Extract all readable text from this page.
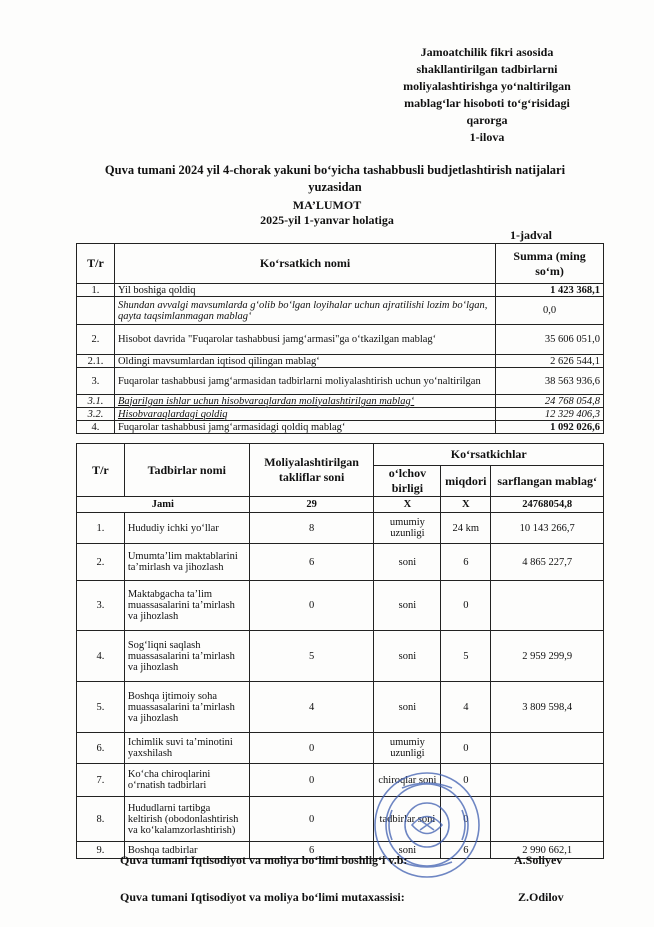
Jamoatchilik fikri asosida
shakllantirilgan tadbirlarni
moliyalashtirishga yo‘naltirilgan
mablag‘lar hisoboti to‘g‘risidagi
qarorga
1-ilova
Quva tumani 2024 yil 4-chorak yakuni bo‘yicha tashabbusli budjetlashtirish natijalari
yuzasidan
MA’LUMOT
2025-yil 1-yanvar holatiga
1-jadval
T/r	Ko‘rsatkich nomi	Summa (ming so‘m)
1.	Yil boshiga qoldiq	1 423 368,1
	Shundan avvalgi mavsumlarda g‘olib bo‘lgan loyihalar uchun ajratilishi lozim bo‘lgan, qayta taqsimlanmagan mablag‘	0,0
2.	Hisobot davrida "Fuqarolar tashabbusi jamg‘armasi"ga o‘tkazilgan mablag‘	35 606 051,0
2.1.	Oldingi mavsumlardan iqtisod qilingan mablag‘	2 626 544,1
3.	Fuqarolar tashabbusi jamg‘armasidan tadbirlarni moliyalashtirish uchun yo‘naltirilgan	38 563 936,6
3.1.	Bajarilgan ishlar uchun hisobvaraqlardan moliyalashtirilgan mablag‘	24 768 054,8
3.2.	Hisobvaraqlardagi qoldiq	12 329 406,3
4.	Fuqarolar tashabbusi jamg‘armasidagi qoldiq mablag‘	1 092 026,6
T/r	Tadbirlar nomi	Moliyalashtirilgan takliflar soni	Ko‘rsatkichlar		
			o‘lchov birligi	miqdori	sarflangan mablag‘
Jami		29	X	X	24768054,8
1.	Hududiy ichki yo‘llar	8	umumiy uzunligi	24 km	10 143 266,7
2.	Umumta’lim maktablarini ta’mirlash va jihozlash	6	soni	6	4 865 227,7
3.	Maktabgacha ta’lim muassasalarini ta’mirlash va jihozlash	0	soni	0	
4.	Sog‘liqni saqlash muassasalarini ta’mirlash va jihozlash	5	soni	5	2 959 299,9
5.	Boshqa ijtimoiy soha muassasalarini ta’mirlash va jihozlash	4	soni	4	3 809 598,4
6.	Ichimlik suvi ta’minotini yaxshilash	0	umumiy uzunligi	0	
7.	Ko‘cha chiroqlarini o‘rnatish tadbirlari	0	chiroqlar soni	0	
8.	Hududlarni tartibga keltirish (obodonlashtirish va ko‘kalamzorlashtirish)	0	tadbirlar soni	0	
9.	Boshqa tadbirlar	6	soni	6	2 990 662,1
Quva tumani Iqtisodiyot va moliya bo‘limi boshlig‘i v.b:	A.Soliyev
Quva tumani Iqtisodiyot va moliya bo‘limi mutaxassisi:	Z.Odilov
